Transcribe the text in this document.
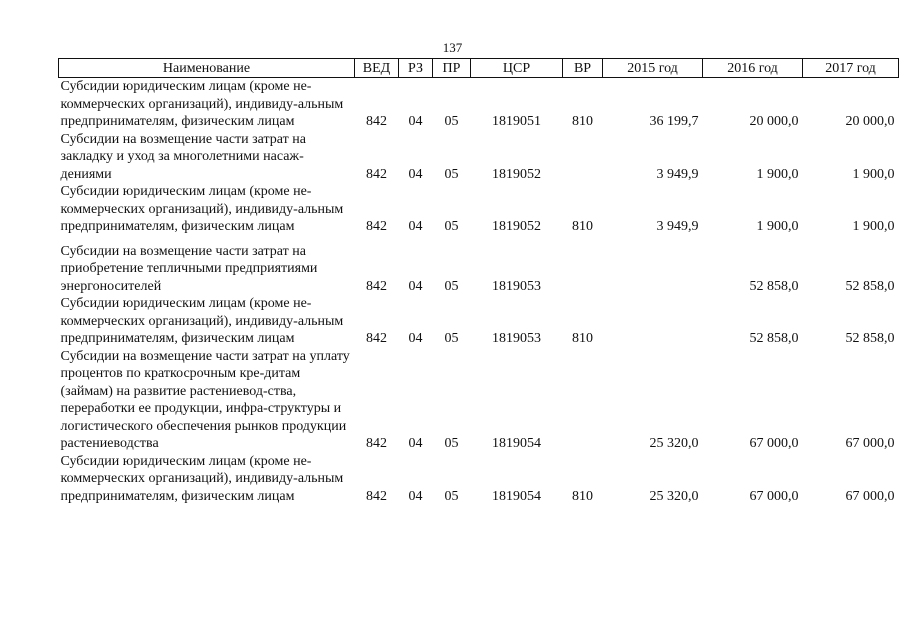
137
Наименование	ВЕД	РЗ	ПР	ЦСР	ВР	2015 год	2016 год	2017 год
Субсидии юридическим лицам (кроме не-коммерческих организаций), индивиду-альным предпринимателям, физическим лицам	842	04	05	1819051	810	36 199,7	20 000,0	20 000,0
Субсидии на возмещение части затрат на закладку и уход за многолетними насаж-дениями	842	04	05	1819052		3 949,9	1 900,0	1 900,0
Субсидии юридическим лицам (кроме не-коммерческих организаций), индивиду-альным предпринимателям, физическим лицам	842	04	05	1819052	810	3 949,9	1 900,0	1 900,0
Субсидии на возмещение части затрат на приобретение тепличными предприятиями энергоносителей	842	04	05	1819053			52 858,0	52 858,0
Субсидии юридическим лицам (кроме не-коммерческих организаций), индивиду-альным предпринимателям, физическим лицам	842	04	05	1819053	810		52 858,0	52 858,0
Субсидии на возмещение части затрат на уплату процентов по краткосрочным кре-дитам (займам) на развитие растениевод-ства, переработки ее продукции, инфра-структуры и логистического обеспечения рынков продукции растениеводства	842	04	05	1819054		25 320,0	67 000,0	67 000,0
Субсидии юридическим лицам (кроме не-коммерческих организаций), индивиду-альным предпринимателям, физическим лицам	842	04	05	1819054	810	25 320,0	67 000,0	67 000,0
